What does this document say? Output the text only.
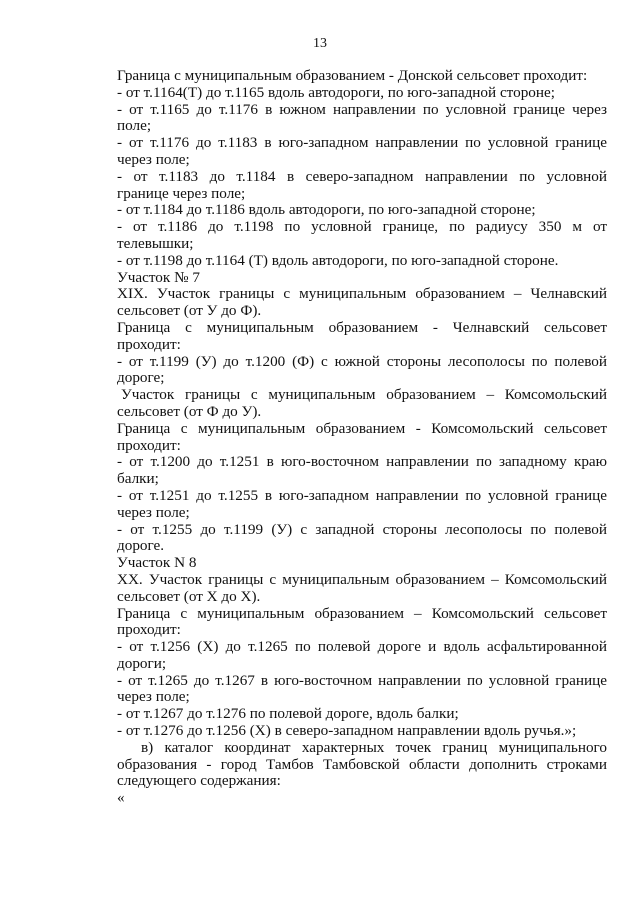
13
Граница с муниципальным образованием - Донской сельсовет проходит:
- от т.1164(Т) до т.1165 вдоль автодороги, по юго-западной стороне;
- от т.1165 до т.1176 в южном направлении по условной границе через
поле;
- от т.1176 до т.1183 в юго-западном направлении по условной границе
через поле;
- от т.1183 до т.1184 в северо-западном направлении по условной
границе через поле;
- от т.1184 до т.1186 вдоль автодороги, по юго-западной стороне;
- от т.1186 до т.1198 по условной границе, по радиусу 350 м от
телевышки;
- от т.1198 до т.1164 (Т) вдоль автодороги, по юго-западной стороне.
Участок № 7
XIX. Участок границы с муниципальным образованием – Челнавский
сельсовет (от У до Ф).
Граница с муниципальным образованием - Челнавский сельсовет
проходит:
- от т.1199 (У) до т.1200 (Ф) с южной стороны лесополосы по полевой
дороге;
Участок границы с муниципальным образованием – Комсомольский
сельсовет (от Ф до У).
Граница с муниципальным образованием - Комсомольский сельсовет
проходит:
- от т.1200 до т.1251 в юго-восточном направлении по западному краю
балки;
- от т.1251 до т.1255 в юго-западном направлении по условной границе
через поле;
- от т.1255 до т.1199 (У) с западной стороны лесополосы по полевой
дороге.
Участок N 8
XX. Участок границы с муниципальным образованием – Комсомольский
сельсовет (от Х до Х).
Граница с муниципальным образованием – Комсомольский сельсовет
проходит:
- от т.1256 (Х) до т.1265 по полевой дороге и вдоль асфальтированной
дороги;
- от т.1265 до т.1267 в юго-восточном направлении по условной границе
через поле;
- от т.1267 до т.1276 по полевой дороге, вдоль балки;
- от т.1276 до т.1256 (Х) в северо-западном направлении вдоль ручья.»;
в) каталог координат характерных точек границ муниципального
образования - город Тамбов Тамбовской области дополнить строками
следующего содержания:
«
